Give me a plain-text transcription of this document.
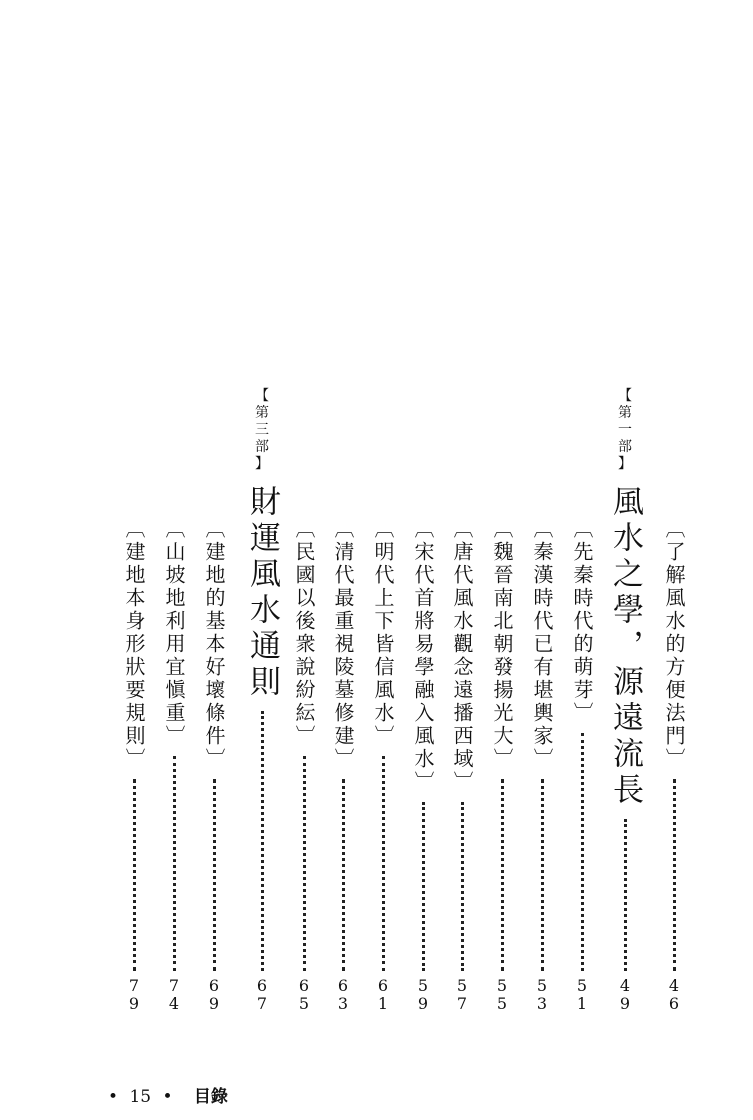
〔了解風水的方便法門〕
4
6
【
第
一
部
】
風水之學，源遠流長
4
9
〔先秦時代的萌芽〕
5
1
〔秦漢時代已有堪輿家〕
5
3
〔魏晉南北朝發揚光大〕
5
5
〔唐代風水觀念遠播西域〕
5
7
〔宋代首將易學融入風水〕
5
9
〔明代上下皆信風水〕
6
1
〔清代最重視陵墓修建〕
6
3
〔民國以後衆說紛紜〕
6
5
【
第
三
部
】
財運風水通則
6
7
〔建地的基本好壞條件〕
6
9
〔山坡地利用宜愼重〕
7
4
〔建地本身形狀要規則〕
7
9
• 15 • 目錄
